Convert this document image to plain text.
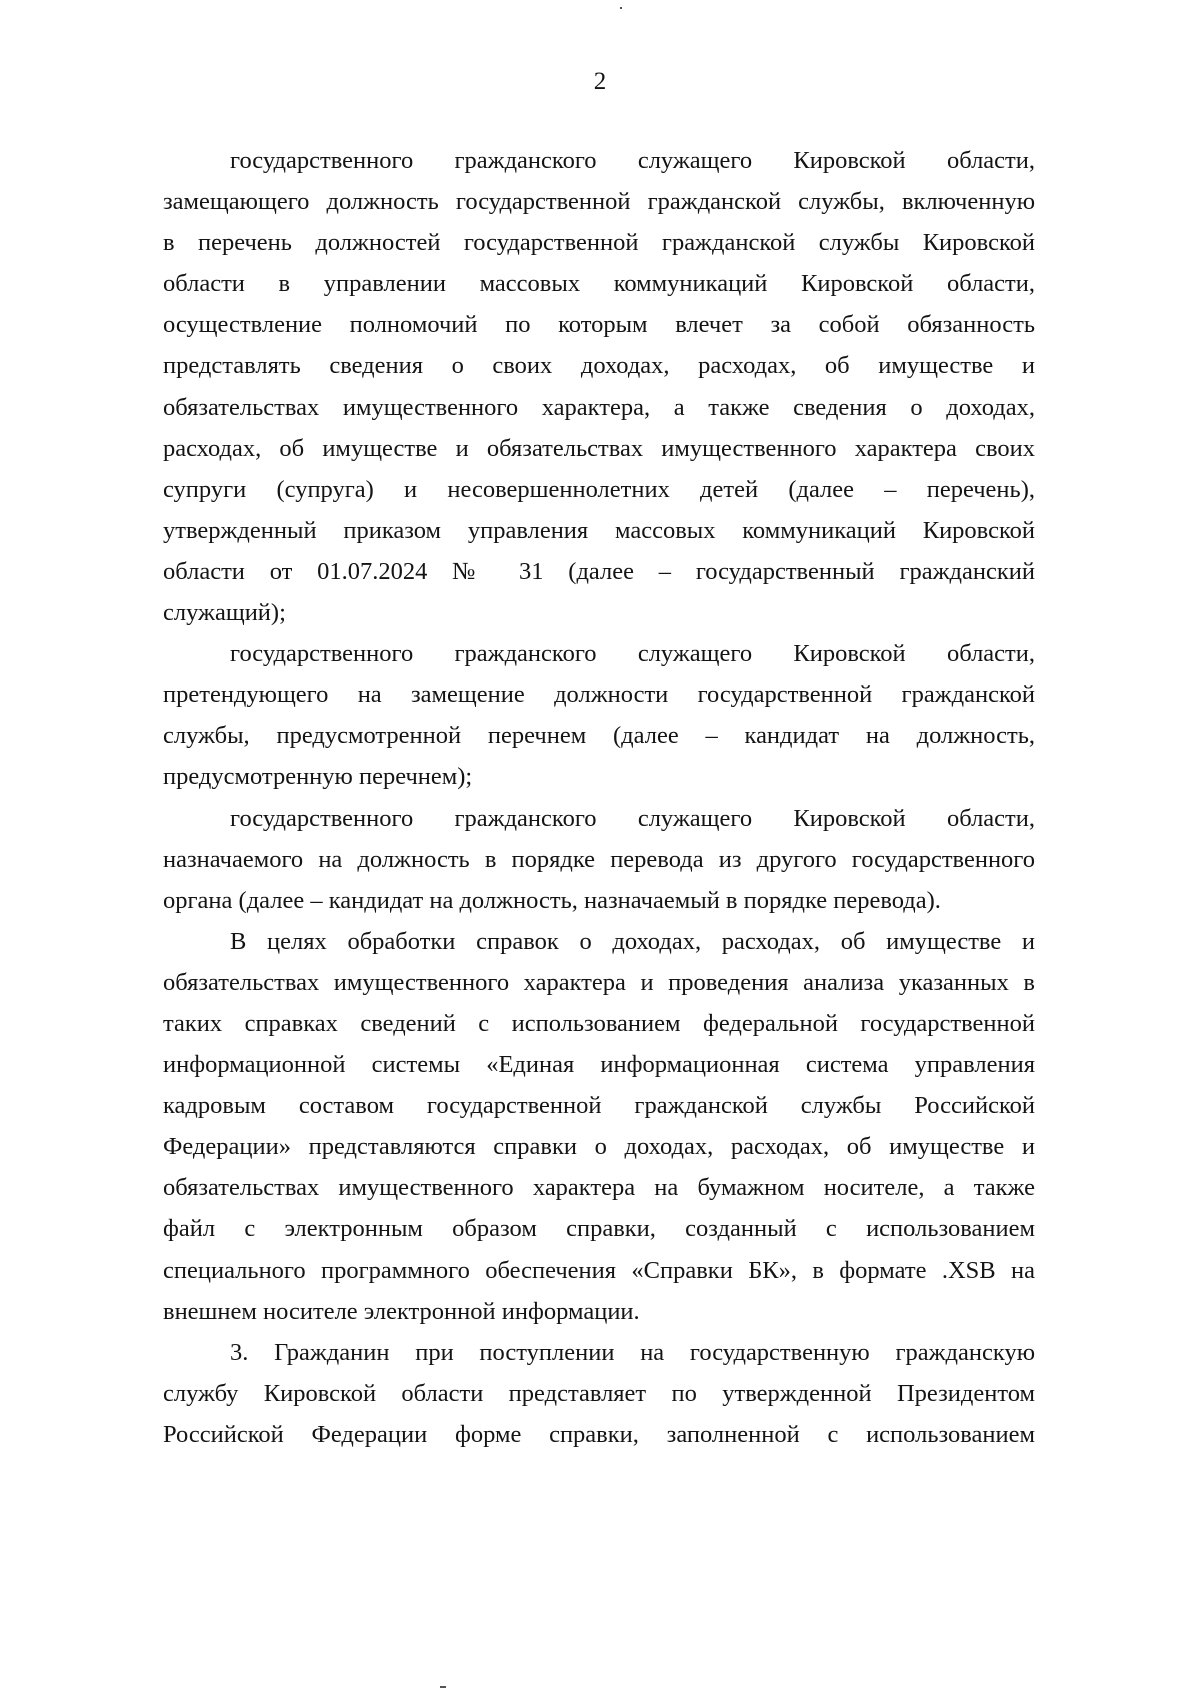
2
государственного гражданского служащего Кировской области,
замещающего должность государственной гражданской службы, включенную
в перечень должностей государственной гражданской службы Кировской
области в управлении массовых коммуникаций Кировской области,
осуществление полномочий по которым влечет за собой обязанность
представлять сведения о своих доходах, расходах, об имуществе и
обязательствах имущественного характера, а также сведения о доходах,
расходах, об имуществе и обязательствах имущественного характера своих
супруги (супруга) и несовершеннолетних детей (далее – перечень),
утвержденный приказом управления массовых коммуникаций Кировской
области от 01.07.2024 № 31 (далее – государственный гражданский
служащий);
государственного гражданского служащего Кировской области,
претендующего на замещение должности государственной гражданской
службы, предусмотренной перечнем (далее – кандидат на должность,
предусмотренную перечнем);
государственного гражданского служащего Кировской области,
назначаемого на должность в порядке перевода из другого государственного
органа (далее – кандидат на должность, назначаемый в порядке перевода).
В целях обработки справок о доходах, расходах, об имуществе и
обязательствах имущественного характера и проведения анализа указанных в
таких справках сведений с использованием федеральной государственной
информационной системы «Единая информационная система управления
кадровым составом государственной гражданской службы Российской
Федерации» представляются справки о доходах, расходах, об имуществе и
обязательствах имущественного характера на бумажном носителе, а также
файл с электронным образом справки, созданный с использованием
специального программного обеспечения «Справки БК», в формате .XSB на
внешнем носителе электронной информации.
3. Гражданин при поступлении на государственную гражданскую
службу Кировской области представляет по утвержденной Президентом
Российской Федерации форме справки, заполненной с использованием
